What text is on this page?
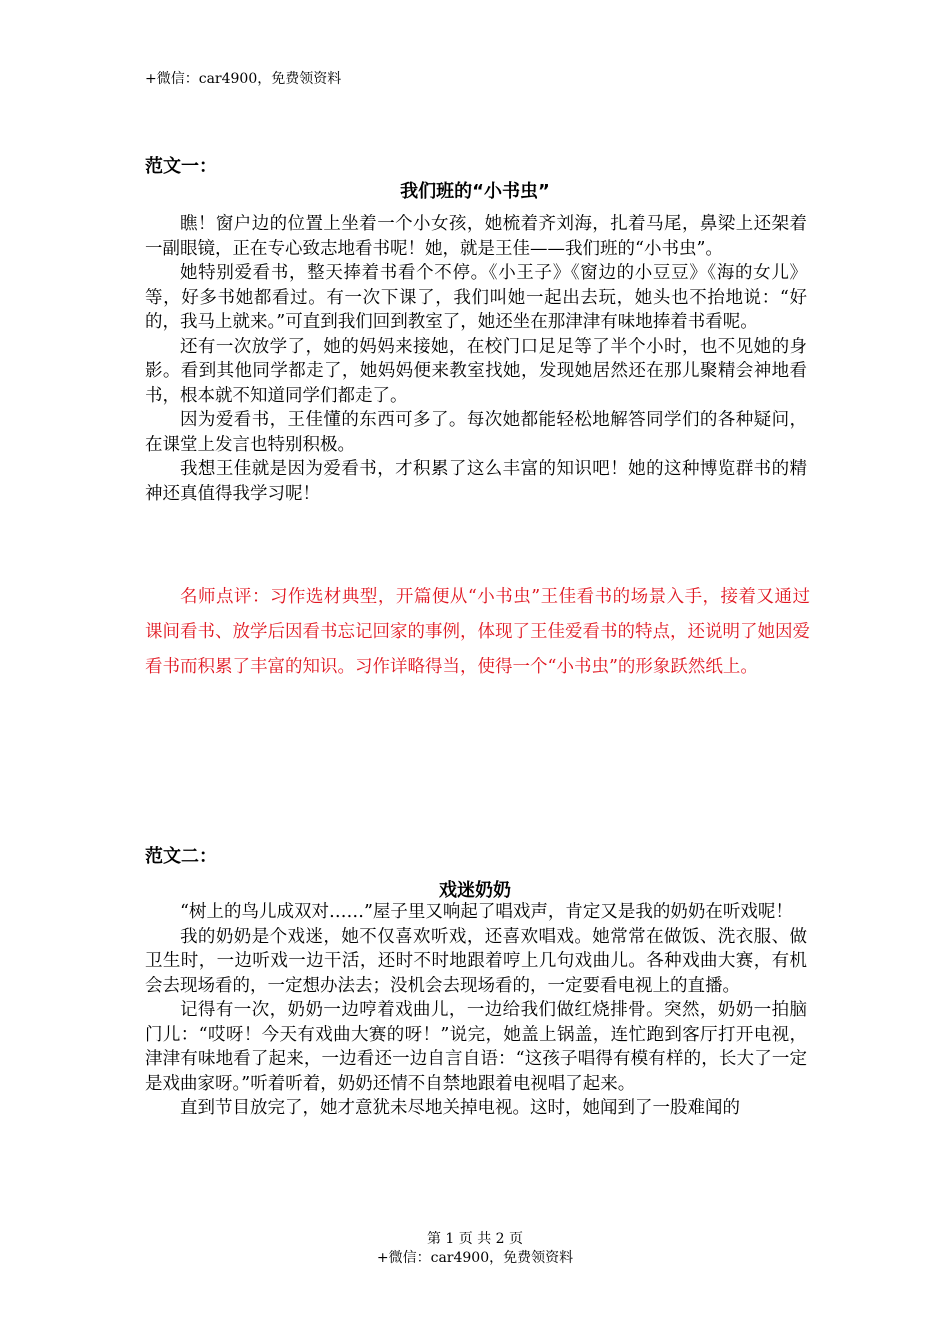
+微信：car4900，免费领资料
范文一：
我们班的“小书虫”

瞧！窗户边的位置上坐着一个小女孩，她梳着齐刘海，扎着马尾，鼻梁上还架着一副眼镜，正在专心致志地看书呢！她，就是王佳——我们班的“小书虫”。

她特别爱看书，整天捧着书看个不停。《小王子》《窗边的小豆豆》《海的女儿》等，好多书她都看过。有一次下课了，我们叫她一起出去玩，她头也不抬地说：“好的，我马上就来。”可直到我们回到教室了，她还坐在那津津有味地捧着书看呢。

还有一次放学了，她的妈妈来接她，在校门口足足等了半个小时，也不见她的身影。看到其他同学都走了，她妈妈便来教室找她，发现她居然还在那儿聚精会神地看书，根本就不知道同学们都走了。

因为爱看书，王佳懂的东西可多了。每次她都能轻松地解答同学们的各种疑问，在课堂上发言也特别积极。

我想王佳就是因为爱看书，才积累了这么丰富的知识吧！她的这种博览群书的精神还真值得我学习呢！

名师点评：习作选材典型，开篇便从“小书虫”王佳看书的场景入手，接着又通过课间看书、放学后因看书忘记回家的事例，体现了王佳爱看书的特点，还说明了她因爱看书而积累了丰富的知识。习作详略得当，使得一个“小书虫”的形象跃然纸上。

范文二：
戏迷奶奶

“树上的鸟儿成双对……”屋子里又响起了唱戏声，肯定又是我的奶奶在听戏呢！

我的奶奶是个戏迷，她不仅喜欢听戏，还喜欢唱戏。她常常在做饭、洗衣服、做卫生时，一边听戏一边干活，还时不时地跟着哼上几句戏曲儿。各种戏曲大赛，有机会去现场看的，一定想办法去；没机会去现场看的，一定要看电视上的直播。

记得有一次，奶奶一边哼着戏曲儿，一边给我们做红烧排骨。突然，奶奶一拍脑门儿：“哎呀！今天有戏曲大赛的呀！”说完，她盖上锅盖，连忙跑到客厅打开电视，津津有味地看了起来，一边看还一边自言自语：“这孩子唱得有模有样的，长大了一定是戏曲家呀。”听着听着，奶奶还情不自禁地跟着电视唱了起来。

直到节目放完了，她才意犹未尽地关掉电视。这时，她闻到了一股难闻的

第 1 页 共 2 页
+微信：car4900，免费领资料
